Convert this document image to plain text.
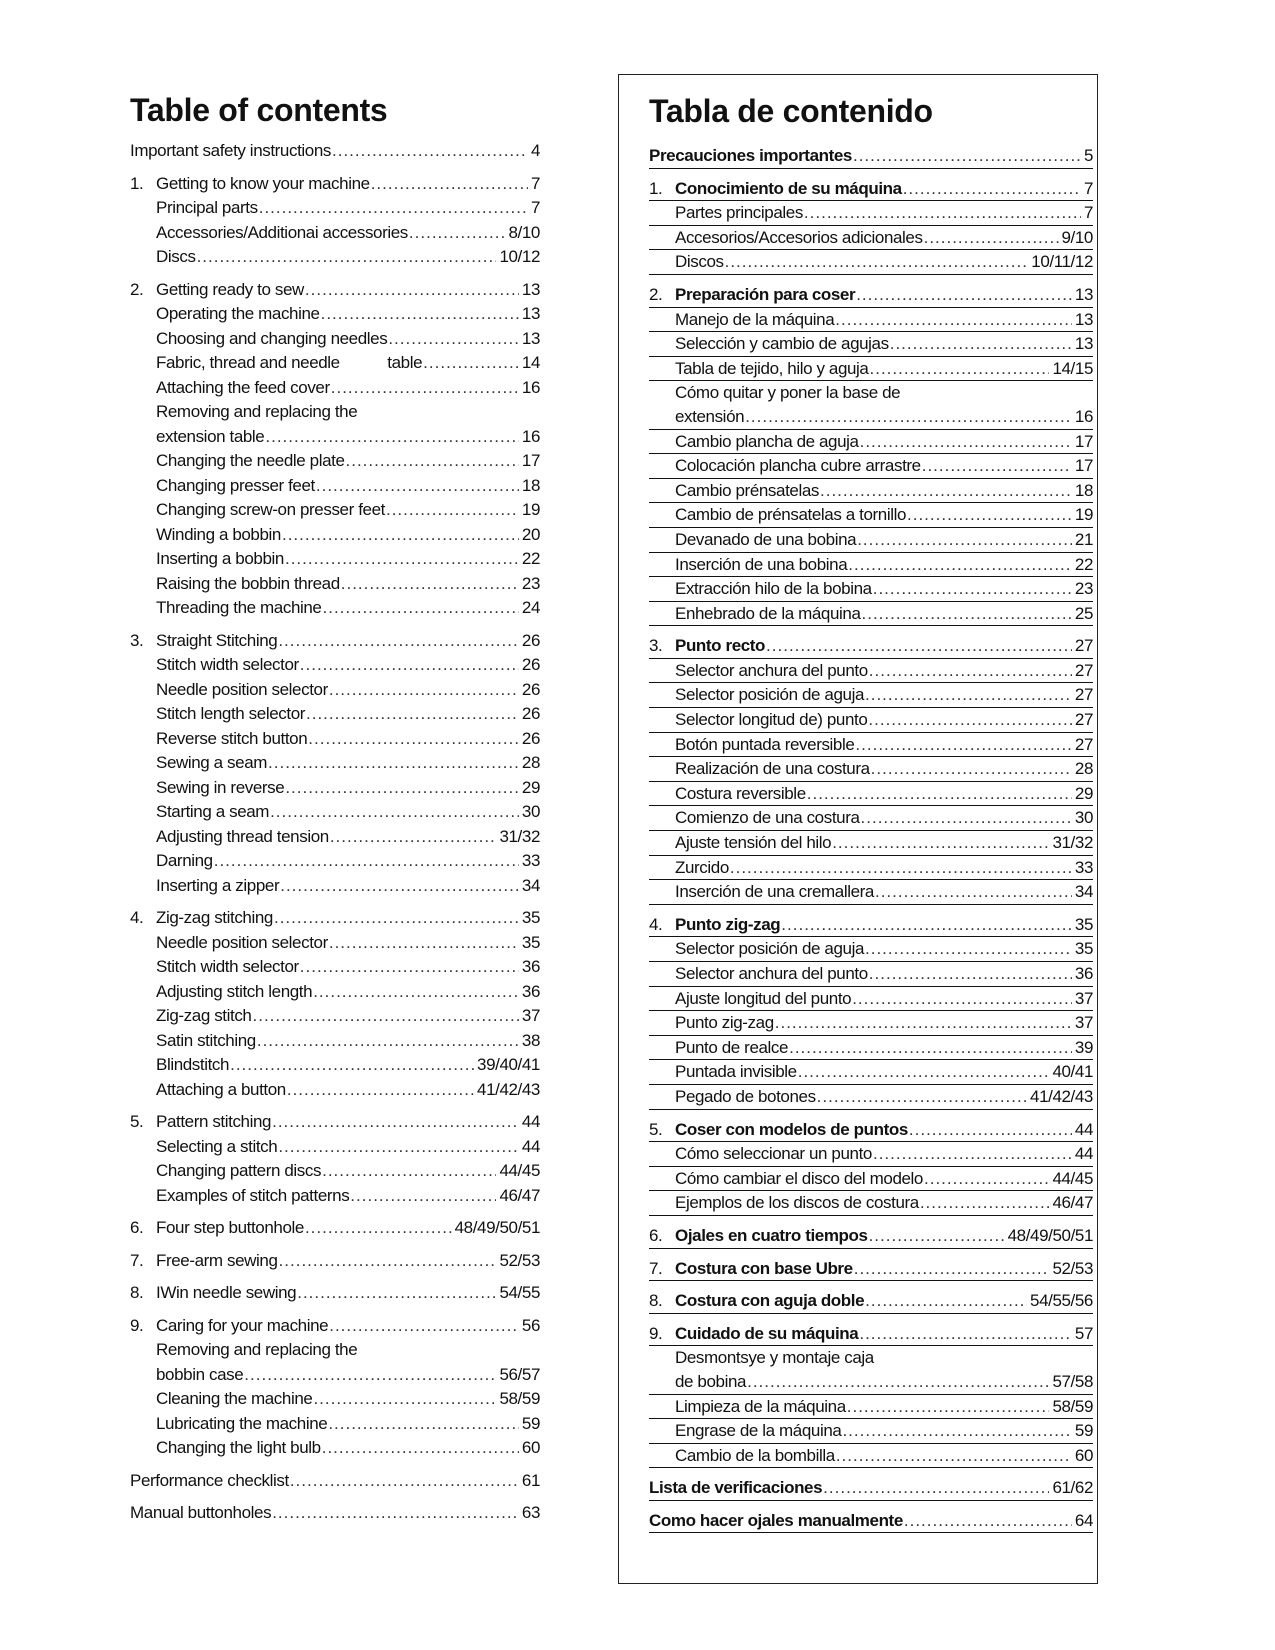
Table of contents
Important safety instructions .....	4
1. Getting to know your machine .....	7
Principal parts .....	7
Accessories/Additionai accessories .....	8/10
Discs .....	10/12
2. Getting ready to sew .....	13
Operating the machine .....	13
Choosing and changing needles .....	13
Fabric, thread and needle           table .....	14
Attaching the feed cover .....	16
Removing and replacing the
extension table .....	16
Changing the needle plate .....	17
Changing presser feet .....	18
Changing screw-on presser feet .....	19
Winding a bobbin .....	20
Inserting a bobbin .....	22
Raising the bobbin thread .....	23
Threading the machine .....	24
3. Straight Stitching .....	26
Stitch width selector .....	26
Needle position selector .....	26
Stitch length selector .....	26
Reverse stitch button .....	26
Sewing a seam .....	28
Sewing in reverse .....	29
Starting a seam .....	30
Adjusting thread tension .....	31/32
Darning .....	33
Inserting a zipper .....	34
4. Zig-zag stitching .....	35
Needle position selector .....	35
Stitch width selector .....	36
Adjusting stitch length .....	36
Zig-zag stitch .....	37
Satin stitching .....	38
Blindstitch .....	39/40/41
Attaching a button .....	41/42/43
5. Pattern stitching .....	44
Selecting a stitch .....	44
Changing pattern discs .....	44/45
Examples of stitch patterns .....	46/47
6. Four step buttonhole .....	48/49/50/51
7. Free-arm sewing .....	52/53
8. IWin needle sewing .....	54/55
9. Caring for your machine .....	56
Removing and replacing the
bobbin case .....	56/57
Cleaning the machine .....	58/59
Lubricating the machine .....	59
Changing the light bulb .....	60
Performance checklist .....	61
Manual buttonholes .....	63
Tabla de contenido
Precauciones importantes .....	5
1. Conocimiento de su máquina .....	7
Partes principales .....	7
Accesorios/Accesorios adicionales .....	9/10
Discos .....	10/11/12
2. Preparación para coser .....	13
Manejo de la máquina .....	13
Selección y cambio de agujas .....	13
Tabla de tejido, hilo y aguja .....	14/15
Cómo quitar y poner la base de
extensión .....	16
Cambio plancha de aguja .....	17
Colocación plancha cubre arrastre .....	17
Cambio prénsatelas .....	18
Cambio de prénsatelas a tornillo .....	19
Devanado de una bobina .....	21
Inserción de una bobina .....	22
Extracción hilo de la bobina .....	23
Enhebrado de la máquina .....	25
3. Punto recto .....	27
Selector anchura del punto .....	27
Selector posición de aguja .....	27
Selector longitud de) punto .....	27
Botón puntada reversible .....	27
Realización de una costura .....	28
Costura reversible .....	29
Comienzo de una costura .....	30
Ajuste tensión del hilo .....	31/32
Zurcido .....	33
Inserción de una cremallera .....	34
4. Punto zig-zag .....	35
Selector posición de aguja .....	35
Selector anchura del punto .....	36
Ajuste longitud del punto .....	37
Punto zig-zag .....	37
Punto de realce .....	39
Puntada invisible .....	40/41
Pegado de botones .....	41/42/43
5. Coser con modelos de puntos .....	44
Cómo seleccionar un punto .....	44
Cómo cambiar el disco del modelo .....	44/45
Ejemplos de los discos de costura .....	46/47
6. Ojales en cuatro tiempos .....	48/49/50/51
7. Costura con base Ubre .....	52/53
8. Costura con aguja doble .....	54/55/56
9. Cuidado de su máquina .....	57
Desmontsye y montaje caja
de bobina .....	57/58
Limpieza de la máquina .....	58/59
Engrase de la máquina .....	59
Cambio de la bombilla .....	60
Lista de verificaciones .....	61/62
Como hacer ojales manualmente .....	64
